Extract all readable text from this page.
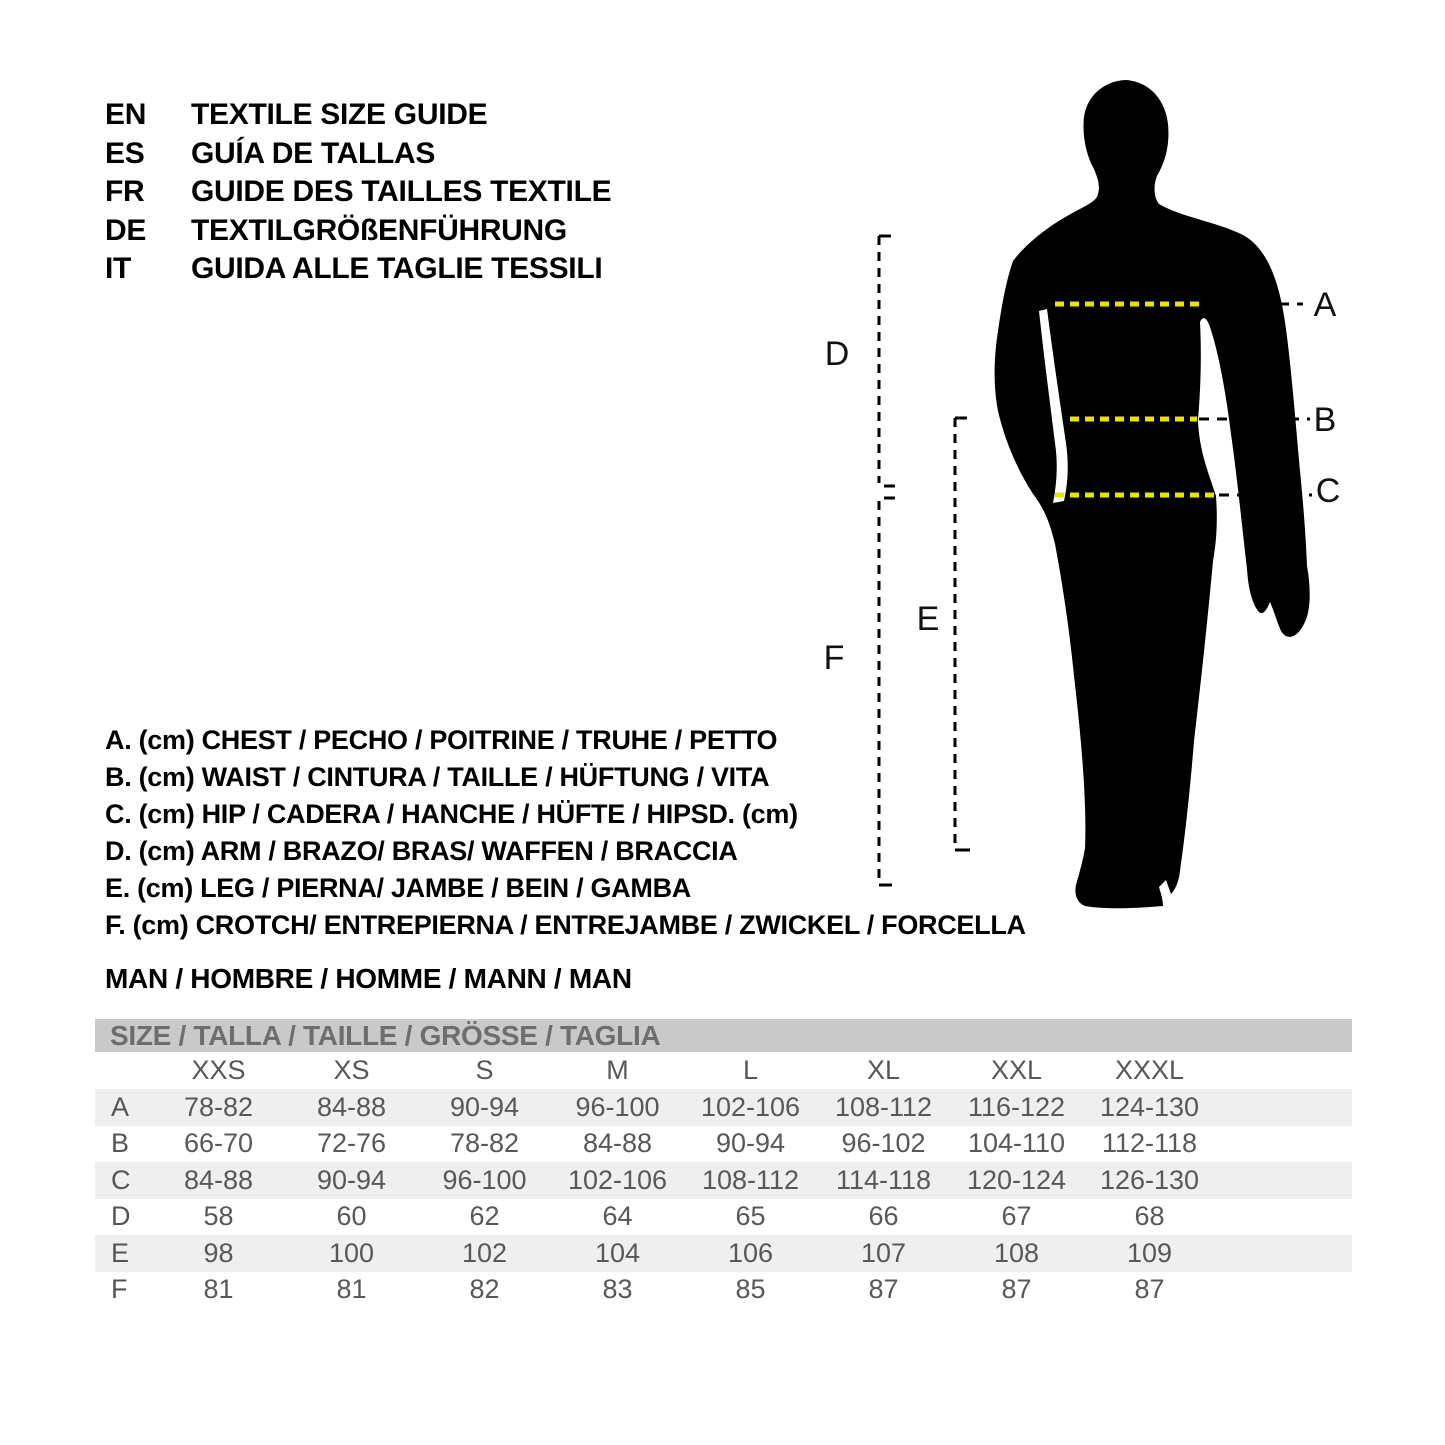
EN	TEXTILE SIZE GUIDE
ES	GUÍA DE TALLAS
FR	GUIDE DES TAILLES TEXTILE
DE	TEXTILGRÖßENFÜHRUNG
IT	GUIDA ALLE TAGLIE TESSILI
A. (cm) CHEST / PECHO / POITRINE / TRUHE / PETTO
B. (cm) WAIST / CINTURA / TAILLE / HÜFTUNG / VITA
C. (cm) HIP / CADERA / HANCHE / HÜFTE / HIPSD. (cm)
D. (cm) ARM / BRAZO/ BRAS/ WAFFEN / BRACCIA
E. (cm) LEG / PIERNA/ JAMBE / BEIN / GAMBA
F. (cm) CROTCH/ ENTREPIERNA / ENTREJAMBE / ZWICKEL / FORCELLA
MAN / HOMBRE / HOMME / MANN / MAN
A
B
C
D
E
F
SIZE / TALLA / TAILLE / GRÖSSE / TAGLIA
XXS	XS	S	M	L	XL	XXL	XXXL
A	78-82	84-88	90-94	96-100	102-106	108-112	116-122	124-130
B	66-70	72-76	78-82	84-88	90-94	96-102	104-110	112-118
C	84-88	90-94	96-100	102-106	108-112	114-118	120-124	126-130
D	58	60	62	64	65	66	67	68
E	98	100	102	104	106	107	108	109
F	81	81	82	83	85	87	87	87
